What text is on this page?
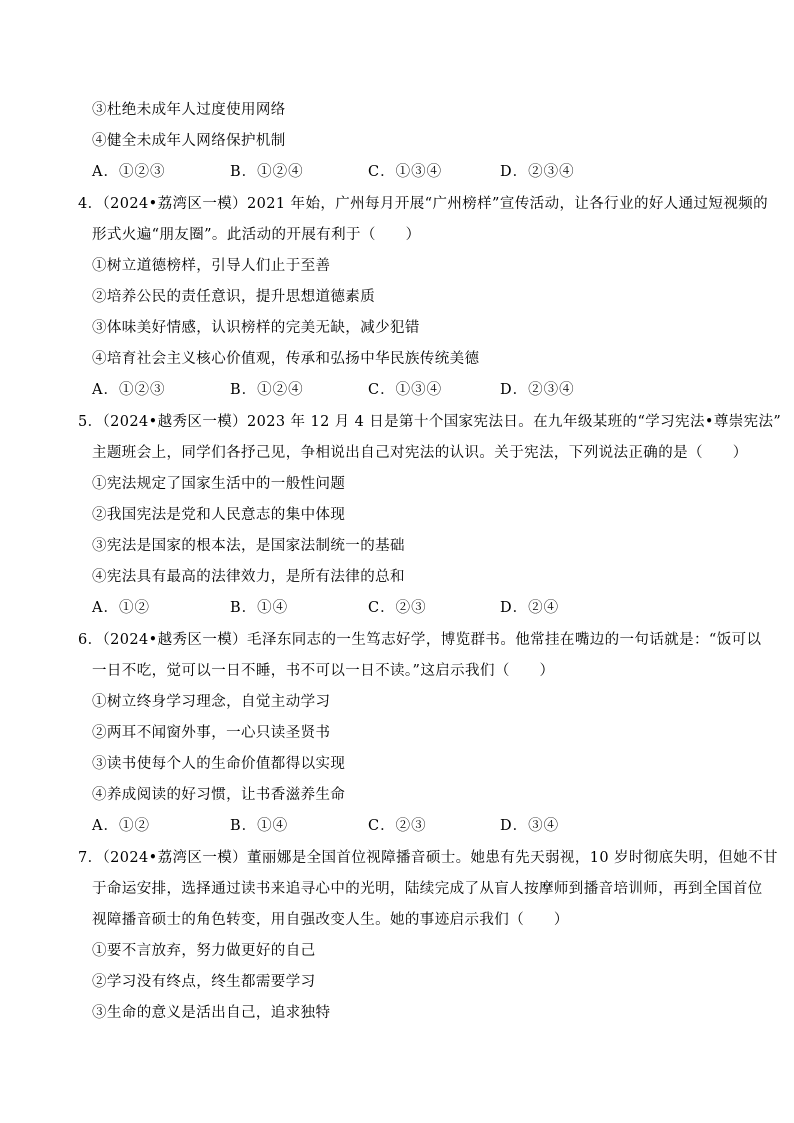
③杜绝未成年人过度使用网络
④健全未成年人网络保护机制
A．①②③	B．①②④	C．①③④	D．②③④
4．（2024•荔湾区一模）2021 年始，广州每月开展“广州榜样”宣传活动，让各行业的好人通过短视频的
形式火遍“朋友圈”。此活动的开展有利于（　　）
①树立道德榜样，引导人们止于至善
②培养公民的责任意识，提升思想道德素质
③体味美好情感，认识榜样的完美无缺，减少犯错
④培育社会主义核心价值观，传承和弘扬中华民族传统美德
A．①②③	B．①②④	C．①③④	D．②③④
5．（2024•越秀区一模）2023 年 12 月 4 日是第十个国家宪法日。在九年级某班的“学习宪法•尊崇宪法”
主题班会上，同学们各抒己见，争相说出自己对宪法的认识。关于宪法，下列说法正确的是（　　）
①宪法规定了国家生活中的一般性问题
②我国宪法是党和人民意志的集中体现
③宪法是国家的根本法，是国家法制统一的基础
④宪法具有最高的法律效力，是所有法律的总和
A．①②	B．①④	C．②③	D．②④
6．（2024•越秀区一模）毛泽东同志的一生笃志好学，博览群书。他常挂在嘴边的一句话就是：“饭可以
一日不吃，觉可以一日不睡，书不可以一日不读。”这启示我们（　　）
①树立终身学习理念，自觉主动学习
②两耳不闻窗外事，一心只读圣贤书
③读书使每个人的生命价值都得以实现
④养成阅读的好习惯，让书香滋养生命
A．①②	B．①④	C．②③	D．③④
7．（2024•荔湾区一模）董丽娜是全国首位视障播音硕士。她患有先天弱视，10 岁时彻底失明，但她不甘
于命运安排，选择通过读书来追寻心中的光明，陆续完成了从盲人按摩师到播音培训师，再到全国首位
视障播音硕士的角色转变，用自强改变人生。她的事迹启示我们（　　）
①要不言放弃，努力做更好的自己
②学习没有终点，终生都需要学习
③生命的意义是活出自己，追求独特
